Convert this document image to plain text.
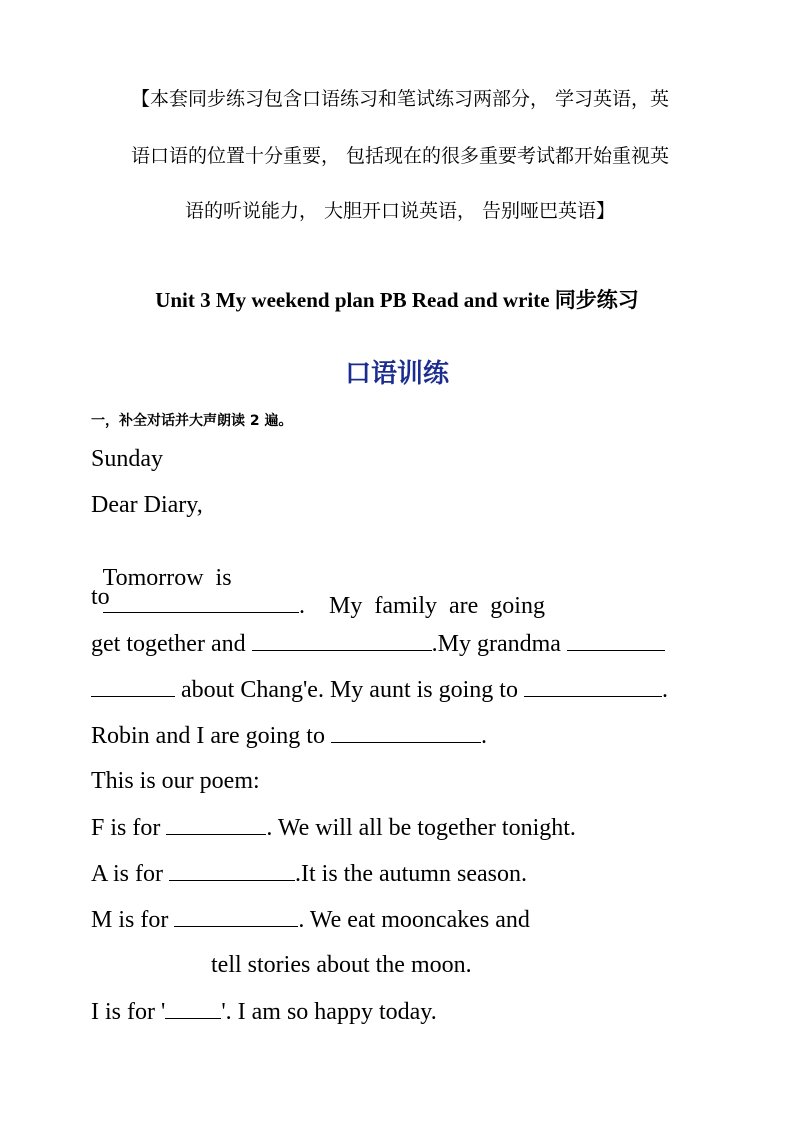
【本套同步练习包含口语练习和笔试练习两部分， 学习英语，英
语口语的位置十分重要， 包括现在的很多重要考试都开始重视英
语的听说能力， 大胆开口说英语， 告别哑巴英语】
Unit 3 My weekend plan PB Read and write 同步练习
口语训练
一，补全对话并大声朗读 2 遍。
Sunday
Dear Diary,

Tomorrow  is
.    My  family  are  going

to
get together and	.My grandma
about Chang'e. My aunt is going to	.
Robin and I are going to	.
This is our poem:
F is for	. We will all be together tonight.
A is for	.It is the autumn season.
M is for	. We eat mooncakes and
tell stories about the moon.
I is for ' '. I am so happy today.
